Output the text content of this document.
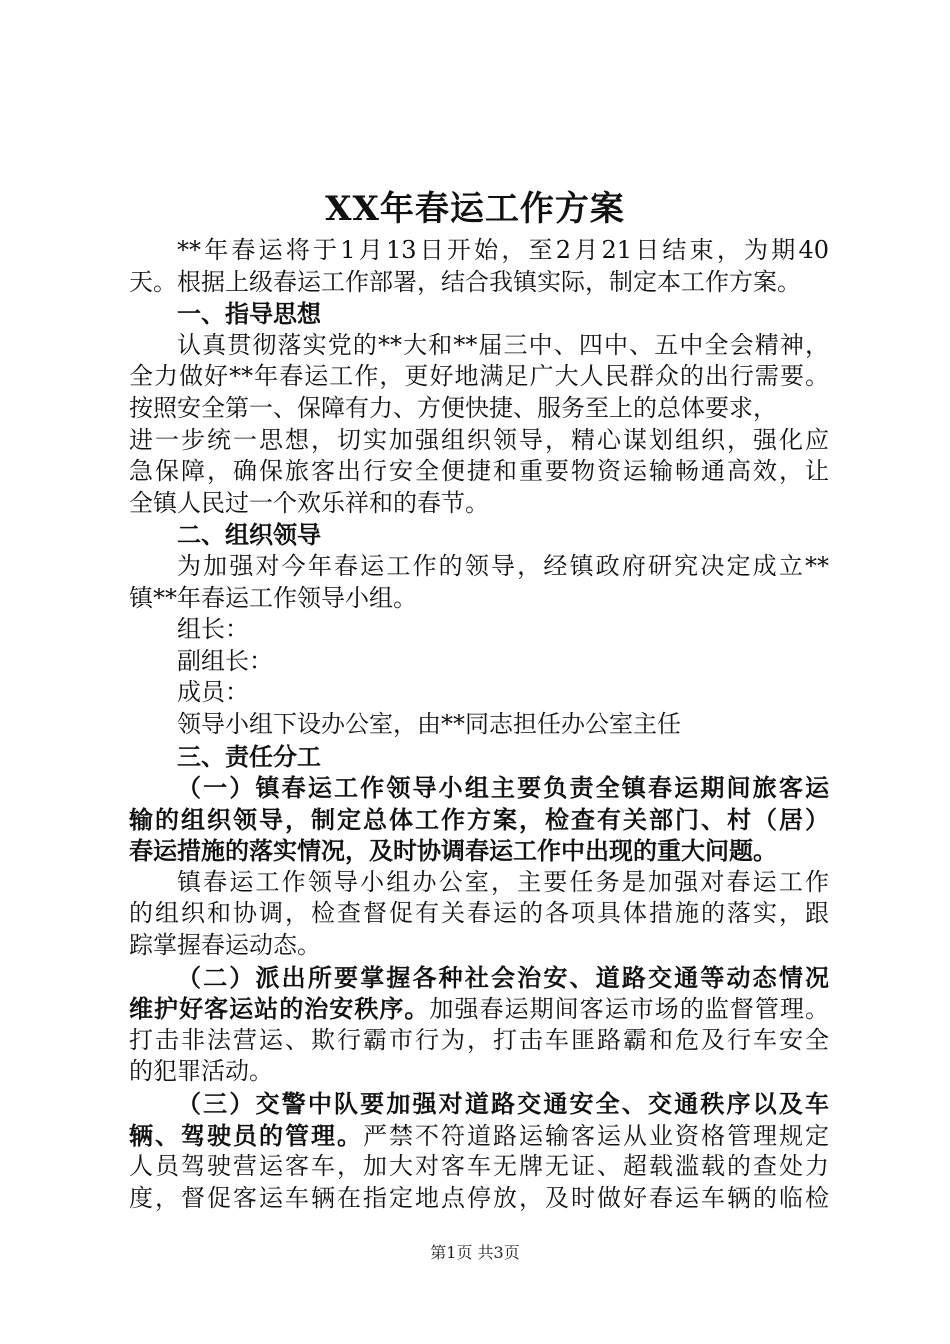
XX年春运工作方案
**年春运将于1月13日开始，至2月21日结束，为期40
天。根据上级春运工作部署，结合我镇实际，制定本工作方案。
一、指导思想
认真贯彻落实党的**大和**届三中、四中、五中全会精神，
全力做好**年春运工作，更好地满足广大人民群众的出行需要。
按照安全第一、保障有力、方便快捷、服务至上的总体要求，
进一步统一思想，切实加强组织领导，精心谋划组织，强化应
急保障，确保旅客出行安全便捷和重要物资运输畅通高效，让
全镇人民过一个欢乐祥和的春节。
二、组织领导
为加强对今年春运工作的领导，经镇政府研究决定成立**
镇**年春运工作领导小组。
组长：
副组长：
成员：
领导小组下设办公室，由**同志担任办公室主任
三、责任分工
（一）镇春运工作领导小组主要负责全镇春运期间旅客运
输的组织领导，制定总体工作方案，检查有关部门、村（居）
春运措施的落实情况，及时协调春运工作中出现的重大问题。
镇春运工作领导小组办公室，主要任务是加强对春运工作
的组织和协调，检查督促有关春运的各项具体措施的落实，跟
踪掌握春运动态。
（二）派出所要掌握各种社会治安、道路交通等动态情况
维护好客运站的治安秩序。加强春运期间客运市场的监督管理。
打击非法营运、欺行霸市行为，打击车匪路霸和危及行车安全
的犯罪活动。
（三）交警中队要加强对道路交通安全、交通秩序以及车
辆、驾驶员的管理。严禁不符道路运输客运从业资格管理规定
人员驾驶营运客车，加大对客车无牌无证、超载滥载的查处力
度，督促客运车辆在指定地点停放，及时做好春运车辆的临检
第1页 共3页
